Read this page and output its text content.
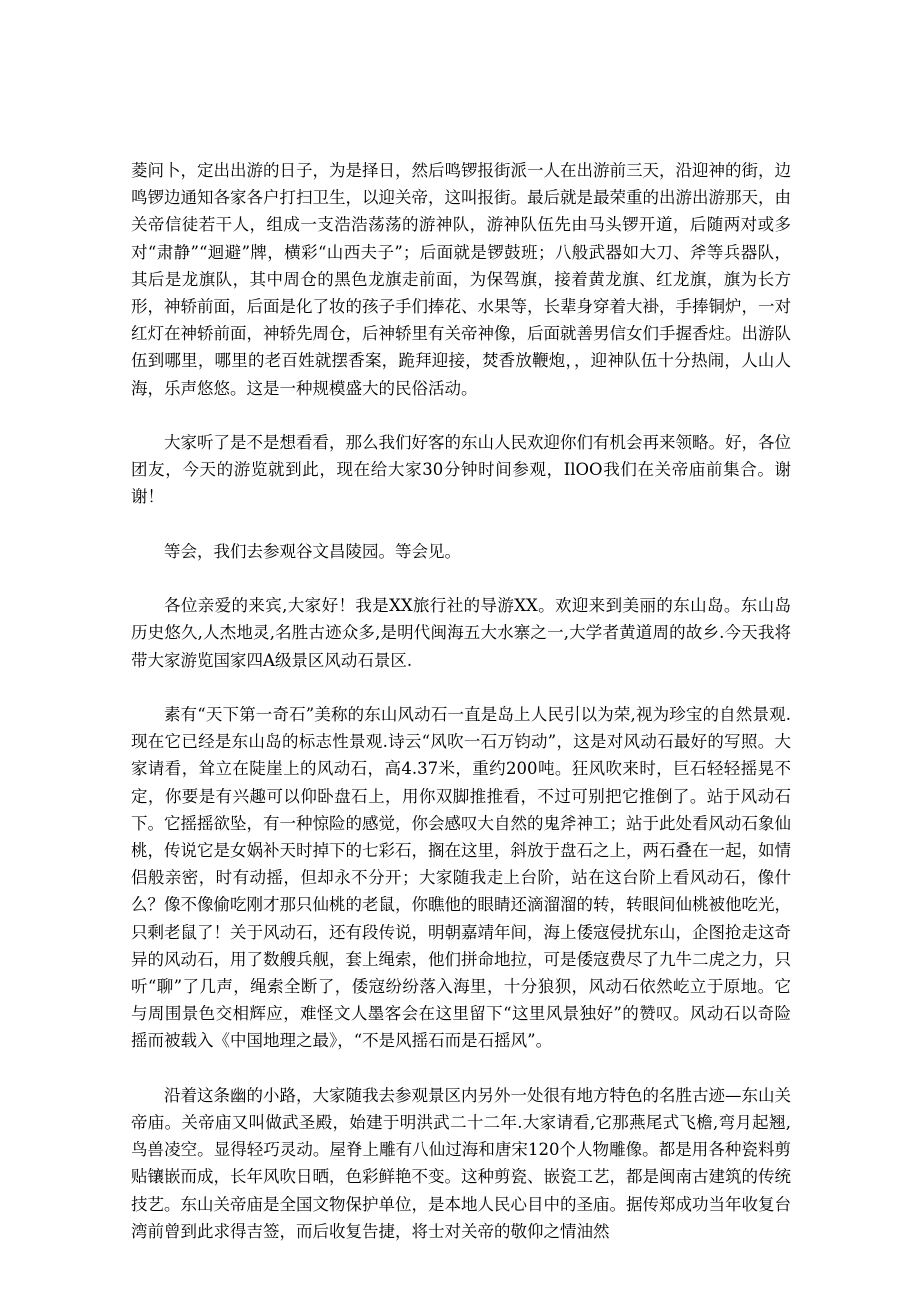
菱问卜，定出出游的日子，为是择日，然后鸣锣报街派一人在出游前三天，沿迎神的街，边鸣锣边通知各家各户打扫卫生，以迎关帝，这叫报街。最后就是最荣重的出游出游那天，由关帝信徒若干人，组成一支浩浩荡荡的游神队，游神队伍先由马头锣开道，后随两对或多对“肃静”“迴避”牌，横彩“山西夫子”；后面就是锣鼓班；八般武器如大刀、斧等兵器队，其后是龙旗队，其中周仓的黑色龙旗走前面，为保驾旗，接着黄龙旗、红龙旗，旗为长方形，神轿前面，后面是化了妆的孩子手们捧花、水果等，长辈身穿着大褂，手捧铜炉，一对红灯在神轿前面，神轿先周仓，后神轿里有关帝神像，后面就善男信女们手握香炷。出游队伍到哪里，哪里的老百姓就摆香案，跪拜迎接，焚香放鞭炮，，迎神队伍十分热闹，人山人海，乐声悠悠。这是一种规模盛大的民俗活动。

大家听了是不是想看看，那么我们好客的东山人民欢迎你们有机会再来领略。好，各位团友，今天的游览就到此，现在给大家30分钟时间参观，IlOO我们在关帝庙前集合。谢谢！

等会，我们去参观谷文昌陵园。等会见。

各位亲爱的来宾,大家好！我是XX旅行社的导游XX。欢迎来到美丽的东山岛。东山岛历史悠久,人杰地灵,名胜古迹众多,是明代闽海五大水寨之一,大学者黄道周的故乡.今天我将带大家游览国家四A级景区风动石景区.

素有“天下第一奇石”美称的东山风动石一直是岛上人民引以为荣,视为珍宝的自然景观.现在它已经是东山岛的标志性景观.诗云“风吹一石万钧动”，这是对风动石最好的写照。大家请看，耸立在陡崖上的风动石，高4.37米，重约200吨。狂风吹来时，巨石轻轻摇晃不定，你要是有兴趣可以仰卧盘石上，用你双脚推推看，不过可别把它推倒了。站于风动石下。它摇摇欲坠，有一种惊险的感觉，你会感叹大自然的鬼斧神工；站于此处看风动石象仙桃，传说它是女娲补天时掉下的七彩石，搁在这里，斜放于盘石之上，两石叠在一起，如情侣般亲密，时有动摇，但却永不分开；大家随我走上台阶，站在这台阶上看风动石，像什么？像不像偷吃刚才那只仙桃的老鼠，你瞧他的眼睛还滴溜溜的转，转眼间仙桃被他吃光，只剩老鼠了！关于风动石，还有段传说，明朝嘉靖年间，海上倭寇侵扰东山，企图抢走这奇异的风动石，用了数艘兵舰，套上绳索，他们拼命地拉，可是倭寇费尽了九牛二虎之力，只听“聊”了几声，绳索全断了，倭寇纷纷落入海里，十分狼狈，风动石依然屹立于原地。它与周围景色交相辉应，难怪文人墨客会在这里留下“这里风景独好”的赞叹。风动石以奇险摇而被载入《中国地理之最》，“不是风摇石而是石摇风”。

沿着这条幽的小路，大家随我去参观景区内另外一处很有地方特色的名胜古迹—东山关帝庙。关帝庙又叫做武圣殿，始建于明洪武二十二年.大家请看,它那燕尾式飞檐,弯月起翘,鸟兽凌空。显得轻巧灵动。屋脊上雕有八仙过海和唐宋120个人物雕像。都是用各种瓷料剪贴镶嵌而成，长年风吹日晒，色彩鲜艳不变。这种剪瓷、嵌瓷工艺，都是闽南古建筑的传统技艺。东山关帝庙是全国文物保护单位，是本地人民心目中的圣庙。据传郑成功当年收复台湾前曾到此求得吉签，而后收复告捷，将士对关帝的敬仰之情油然
